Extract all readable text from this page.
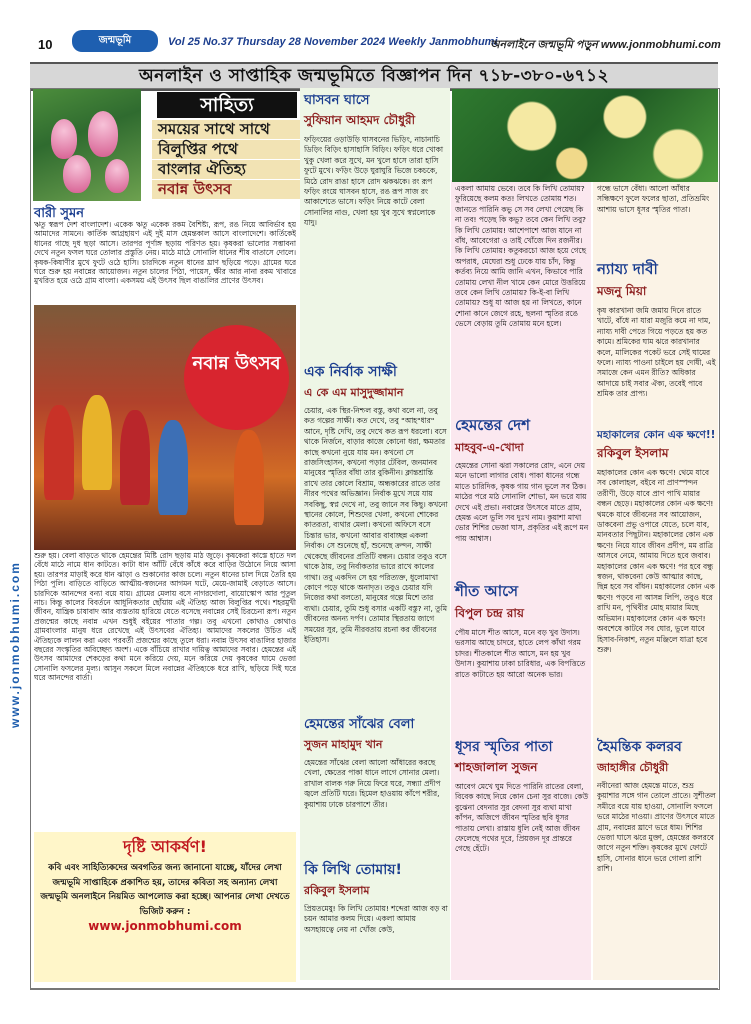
10	জন্মভূমি	Vol 25 No.37 Thursday 28 November 2024 Weekly Janmobhumi
অনলাইনে জন্মভূমি পড়ুন www.jonmobhumi.com
অনলাইন ও সাপ্তাহিক জন্মভূমিতে বিজ্ঞাপন দিন ৭১৮-৩৮০-৬৭১২
www.jonmobhumi.com
সাহিত্য
সময়ের সাথে সাথে
বিলুপ্তির পথে
বাংলার ঐতিহ্য
নবান্ন উৎসব
বারী সুমন
ঋতু স্বরূপ দেশ বাংলাদেশ। একেক ঋতু একেক রকম বৈশিষ্ট্য, রূপ, রঙ নিয়ে আবির্ভাব হয় আমাদের সামনে। কার্তিক আগ্রহায়ণ এই দুই মাস হেমন্তকাল আসে বাংলাদেশে। কার্তিকেই ধানের গাছে দুধ ছড়া আসে। তারপর পূর্ণাঙ্গ ছড়ায় পরিণত হয়। কৃষকরা ভালোর সম্ভাবনা দেখে নতুন ফসল ঘরে তোলার প্রস্তুতি নেয়। মাঠে মাঠে সোনালি ধানের শীষ বাতাসে দোলে। কৃষক-কিষাণীর মুখে ফুটে ওঠে হাসি। চারদিকে নতুন ধানের ঘ্রাণ ছড়িয়ে পড়ে। গ্রামের ঘরে ঘরে শুরু হয় নবান্নের আয়োজন। নতুন চালের পিঠা, পায়েস, ক্ষীর আর নানা রকম খাবারে মুখরিত হয়ে ওঠে গ্রাম বাংলা। একসময় এই উৎসব ছিল বাঙালির প্রাণের উৎসব।
নবান্ন উৎসব
শুরু হয়। বেলা বাড়তে থাকে হেমন্তের মিষ্টি রোদ ছড়ায় মাঠ জুড়ে। কৃষকেরা কাস্তে হাতে দল বেঁধে মাঠে নামে ধান কাটতে। কাটা ধান আঁটি বেঁধে কাঁধে করে বাড়ির উঠোনে নিয়ে আসা হয়। তারপর মাড়াই করে ধান ঝাড়া ও শুকানোর কাজ চলে। নতুন ধানের চাল দিয়ে তৈরি হয় পিঠা পুলি। বাড়িতে বাড়িতে আত্মীয়-স্বজনের আগমন ঘটে, মেয়ে-জামাই বেড়াতে আসে। চারদিকে আনন্দের বন্যা বয়ে যায়। গ্রামের মেলায় বসে নাগরদোলা, বায়োস্কোপ আর পুতুল নাচ। কিন্তু কালের বিবর্তনে আধুনিকতার ছোঁয়ায় এই ঐতিহ্য আজ বিলুপ্তির পথে। শহরমুখী জীবন, যান্ত্রিক চাষাবাদ আর ব্যস্ততায় হারিয়ে যেতে বসেছে নবান্নের সেই চিরচেনা রূপ। নতুন প্রজন্মের কাছে নবান্ন এখন শুধুই বইয়ের পাতার গল্প। তবু এখনো কোথাও কোথাও গ্রামবাংলার মানুষ ধরে রেখেছে এই উৎসবের ঐতিহ্য। আমাদের সকলের উচিত এই ঐতিহ্যকে লালন করা এবং পরবর্তী প্রজন্মের কাছে তুলে ধরা। নবান্ন উৎসব বাঙালির হাজার বছরের সংস্কৃতির অবিচ্ছেদ্য অংশ। একে বাঁচিয়ে রাখার দায়িত্ব আমাদের সবার। হেমন্তের এই উৎসব আমাদের শেকড়ের কথা মনে করিয়ে দেয়, মনে করিয়ে দেয় কৃষকের ঘামে ভেজা সোনালি ফসলের মূল্য। আসুন সকলে মিলে নবান্নের ঐতিহ্যকে ধরে রাখি, ছড়িয়ে দিই ঘরে ঘরে আনন্দের বার্তা।
দৃষ্টি আকর্ষণ!
কবি এবং সাহিত্যিকদের অবগতির জন্য জানানো যাচ্ছে, যাঁদের লেখা জন্মভূমি সাপ্তাহিকে প্রকাশিত হয়, তাদের কবিতা সহ অন্যান্য লেখা জন্মভূমি অনলাইনে নিয়মিত আপলোড করা হচ্ছে। আপনার লেখা দেখতে ভিজিট করুন :
www.jonmobhumi.com
ঘাসবন ঘাসে
সুফিয়ান আহমদ চৌধুরী
ফড়িংয়ের ওড়াউড়ি ঘাসবনের ভিড়িং, নাচানাচি ডিড়িং বিড়িং হাসাহাসি বিড়িং। ফড়িং ধরে খোকা খুকু খেলা করে সুখে, মন খুলে হাসে তারা হাসি ফুটে মুখে। ফড়িং উড়ে ঘুরাঘুরি ভিজে চকচকে, মিঠে রোদ রাঙা হাসে রোদ ঝকঝকে। রং রূপ ফড়িং রংয়ে ঘাসবন হাসে, রঙ রূপ সাজ রং আকাশেতে ভাসে। ফড়িং নিয়ে কাটে বেলা সোনালির নাগু, খেলা হয় খুব সুখে স্বপ্নলোকে যাদু।
এক নির্বাক সাক্ষী
এ কে এম মাসুদুজ্জামান
চেয়ার, এক স্থির-নিশ্চল বস্তু, কথা বলে না, তবু কত গল্পের সাক্ষী। কত দেখে, তবু "আহ"ধার" আনে, দৃষ্টি দেখি, তবু দেখে কত রূপ ধরলো। বসে থাকে নির্জনে, বাড়ার কাজে কোনো ধরা, ক্ষমতার কাছে কখনো নুয়ে যায় মন। কখনো সে রাজসিংহাসন, কখনো পড়ার টেবিল, জনমানব মানুষের স্মৃতির বাঁধা তার বুকিনীন। ক্লান্তশ্রান্তি রাখে তার কোলে বিশ্রাম, অন্ধকারের রাতে তার নীরব পথের অভিজ্ঞান। নির্বাক মুখে সয়ে যায় সবকিছু, স্বপ্ন দেখে না, তবু জানে সব কিছু। কখনো স্থানের কোলে, শিশুদের খেলা, কখনো শোকের কাতরতা, ব্যথার মেলা। কখনো অফিসে বসে চিন্তার ভার, কখনো আবার বাবাচ্ছন্ন একলা নির্বাক। সে শুনেছে হাঁ, শুনেছে ক্রন্দন, সাক্ষী থেকেছে জীবনের প্রতিটি বন্ধন। চেয়ার তবুও বসে থাকে ঠায়, তবু নির্বাকতার ভারে রাখে কালের গাথা। তবু একদিন সে হয় পরিত্যক্ত, ধুলোমাখা কোণে পড়ে থাকে অনাদৃত। তবুও চেয়ার যদি নিজের কথা বলতো, মানুষের গল্পে মিশে তার ব্যথা। চেয়ার, তুমি শুধু বসার একটি বস্তু? না, তুমি জীবনের অনন্য দর্পণ। তোমার স্থিরতায় জাগে সময়ের সুর, তুমি নীরবতায় রচনা কর জীবনের ইতিহাস।
হেমন্তের সাঁঝের বেলা
সুজন মাহামুদ খান
হেমন্তের সাঁঝের বেলা আলো আঁধারের করছে খেলা, ক্ষেতের পাকা ধানে লাগে সোনার মেলা। রাখাল বালক গরু নিয়ে ফিরে ঘরে, সন্ধ্যা প্রদীপ জ্বলে প্রতিটি ঘরে। হিমেল হাওয়ায় কাঁপে শরীর, কুয়াশায় ঢাকে চারপাশে তীর।
কি লিখি তোমায়!
রকিবুল ইসলাম
প্রিয়তমেষু! কি লিখি তোমায়! শব্দেরা আজ বড় বা চয়ন আমার কলম দিয়ে। একলা আমায় অসহায়ত্বে নেয় না খোঁজ কেউ,
একলা আমায় ভেবে। তবে কি লিখি তোমায়? ফুরিয়েছে কলম কত! লিখতে তোমায় শত। জানতে পারিনি কভু সে সব লেখা পেয়েছ কি না তব! পড়েছ কি কভু? তবে কেন লিখি তবু? কি লিখি তোমায়! আশেপাশে আজ যানে না বাঁধ, আবেগেরা ও তাই খোঁজে দিন রজনীর। কি লিখি তোমায়! কতুকরচো আজ হয়ে গেছে অপরাধ, মেঘেরা শুধু ঢেকে যায় চাঁদ, কিন্তু কর্তব্য নিয়ে আমি জানি এখন, কিভাবে পারি তোমায় লেখা নীল খামে কেন মোরে উত্তরিয়ে তবে কেন লিখি তোমায়? কি-ই-বা লিখি তোমায়? শুধু যা আজ হয় না লিখতে, কানে শোনা কানে জেগে রহে, ছলনা স্মৃতির রঙে ভেসে বেড়ায় তুমি তোমায় মনে হলে।
হেমন্তের দেশ
মাহবুব-এ-খোদা
হেমন্তের সোনা ঝরা সকালের রোদ, এনে দেয় মনে ভালো লাগার বোধ। পাকা ধানের গন্ধে মাতে চারিদিক, কৃষক গায় গান ভুলে সব ঠিক। মাঠের পরে মাঠ সোনালি শোভা, মন ভরে যায় দেখে এই প্রভা। নবান্নের উৎসবে মাতে গ্রাম, হেমন্ত এলে ভুলি সব দুঃখ নাম। কুয়াশা মাখা ভোর শিশির ভেজা ঘাস, প্রকৃতির এই রূপে মন পায় আশ্বাস।
শীত আসে
বিপুল চন্দ্র রায়
পৌষ মাসে শীত আসে, মনে বড় খুব উদাস। ভরসায় আছে চাদরে, হাতে লেপ কাঁথা গরম চাদর। শীতকালে শীত আসে, মন হয় খুব উদাস। কুয়াশায় ঢাকা চারিধার, এক বিপত্তিতে রাতে কাটাতে হয় আরো অনেক ভার।
ধূসর স্মৃতির পাতা
শাহজালাল সুজন
আবেগ মেখে ঘুম দিতে পারিনি রাতের বেলা, বিবেক কাছে নিয়ে কোন চেনা সুর বাজে। কেউ বুঝেনা বেদনার সুর বেদনা সুর ব্যথা মাখা কাঁপন, অজিপে জীবন স্মৃতির ছবি ধূসর পাতায় লেখা। রাস্তায় ধুলি নেই আজ জীবন ফেলেছে পথের দূরে, প্রিয়জন দূর প্রান্তরে গেছে হেঁটে।
গন্ধে ভাসে বেঁধা। আলো আঁধার সন্ধিক্ষণে ফুলে ফলের ছাতা, প্রতিভ্রমিং আশায় ভাসে ধূসর স্মৃতির পাতা।
ন্যায্য দাবী
মজনু মিয়া
কৃষ কারখানা জমি জমায় দিনে রাতে খাটে, বাঁধে না যারা মজুরি কমে না দাম, ন্যায্য দাবী পেতে গিয়ে পড়তে হয় কত কামে। শ্রমিকের ঘাম ঝরে কারখানার কলে, মালিকের পকেট ভরে সেই ঘামের ফলে। ন্যায্য পাওনা চাইলে হয় দোষী, এই সমাজে কেন এমন রীতি? অধিকার আদায়ে চাই সবার ঐক্য, তবেই পাবে শ্রমিক তার প্রাপ্য।
মহাকালের কোন এক ক্ষণে!!
রকিবুল ইসলাম
মহাকালের কোন এক ক্ষণে! থেমে যাবে সব কোলাহল, বইবে না প্রাণস্পন্দন তরীণী, উড়ে যাবে প্রাণ পাখি মায়ার বন্ধন ছেড়ে। মহাকালের কোন এক ক্ষণে! থমকে যাবে জীবনের সব আয়োজন, ডাকবেনা প্রভু ওপারে যেতে, চলে যাব, মানবতার পিছুটান। মহাকালের কোন এক ক্ষণে! নিয়ে যাবে জীবন প্রদীপ, মম রাত্রি আসবে নেমে, আমায় দিতে হবে জবাব। মহাকালের কোন এক ক্ষণে! পর হবে বন্ধু স্বজন, থাকবেনা কেউ আত্মার কাছে, ছিন্ন হবে সব বাঁধন। মহাকালের কোন এক ক্ষণে! পড়বে না আসন্ন লিপি, তবুও ধরে রাখি মন, পৃথিবীর মোহ মায়ার মিছে অভিমান। মহাকালের কোন এক ক্ষণে! অবশেষে কাটবে সব ঘোর, ভুলে যাবে হিসাব-নিকাশ, নতুন মঞ্জিলে যাত্রা হবে শুরু।
হৈমন্তিক কলরব
জাহাঙ্গীর চৌধুরী
নবীনেরা আজ হেমন্তে মাতে, শুভ্র কুয়াশার সঙ্গে গান তোলে প্রাতে। সুশীতল সমীরে বয়ে যায় হাওয়া, সোনালি ফসলে ভরে মাঠের দাওয়া। প্রাণের উৎসবে মাতে গ্রাম, নবান্নের ঘ্রাণে ভরে ধাম। শিশির ভেজা ঘাসে ঝরে মুক্তা, হেমন্তের কলরবে জাগে নতুন শক্তি। কৃষকের মুখে ফোটে হাসি, সোনার ধানে ভরে গোলা রাশি রাশি।
